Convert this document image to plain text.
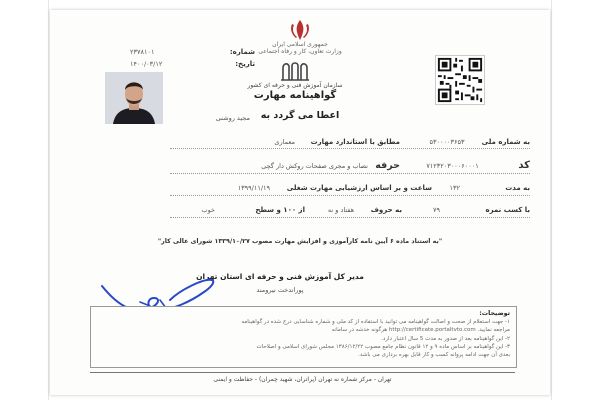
جمهوری اسلامی ایران
وزارت تعاون، کار و رفاه اجتماعی
شماره:
۲۳۷۸۱۰۱
تاریخ:
۱۴۰۰/۰۳/۱۲
سازمان آموزش فنی و حرفه ای کشور
گواهینامه مهارت
مجید روشنی	اعطا می گردد به
به شماره ملی
۵۳۰۰۰۰۳۶۵۳
مطابق با استاندارد مهارت
معماری
کد
۷۱۲۳۲۰۳۰۰۰۶۰۰۰۱
حرفه
نصاب و مجری صفحات روکش دار گچی
به مدت
۱۳۲
ساعت و بر اساس ارزشیابی مهارت شغلی
۱۳۹۹/۱۱/۱۹
با کسب نمره
۷۹
به حروف
هفتاد و نه
از ۱۰۰ و سطح
خوب
"به استناد ماده ۶ آیین نامه کارآموزی و افزایش مهارت مصوب ۱۳۳۹/۱۰/۲۷ شورای عالی کار"
مدیر کل آموزش فنی و حرفه ای استان تهران
پوراندخت نیرومند
توضیحات:
۱- جهت استعلام از صحت و اصالت گواهینامه می توانید با استفاده از کد ملی و شماره شناسایی درج شده در گواهینامه
مراجعه نمایید. http://certificate.portaltvto.com هرگونه خدشه در سامانه
۲- این گواهینامه بعد از صدور به مدت 5 سال اعتبار دارد.
۳- این گواهینامه بر اساس ماده ۹ و ۱۲ قانون نظام جامع مصوب ۱۳۸۶/۱۲/۲۲ مجلس شورای اسلامی و اصلاحات
بعدی آن جهت ادامه پروانه کسب و کار قابل بهره برداری می باشد.
تهران - مرکز شماره نه تهران (پراتران، شهید چمران) - حفاظت و ایمنی
